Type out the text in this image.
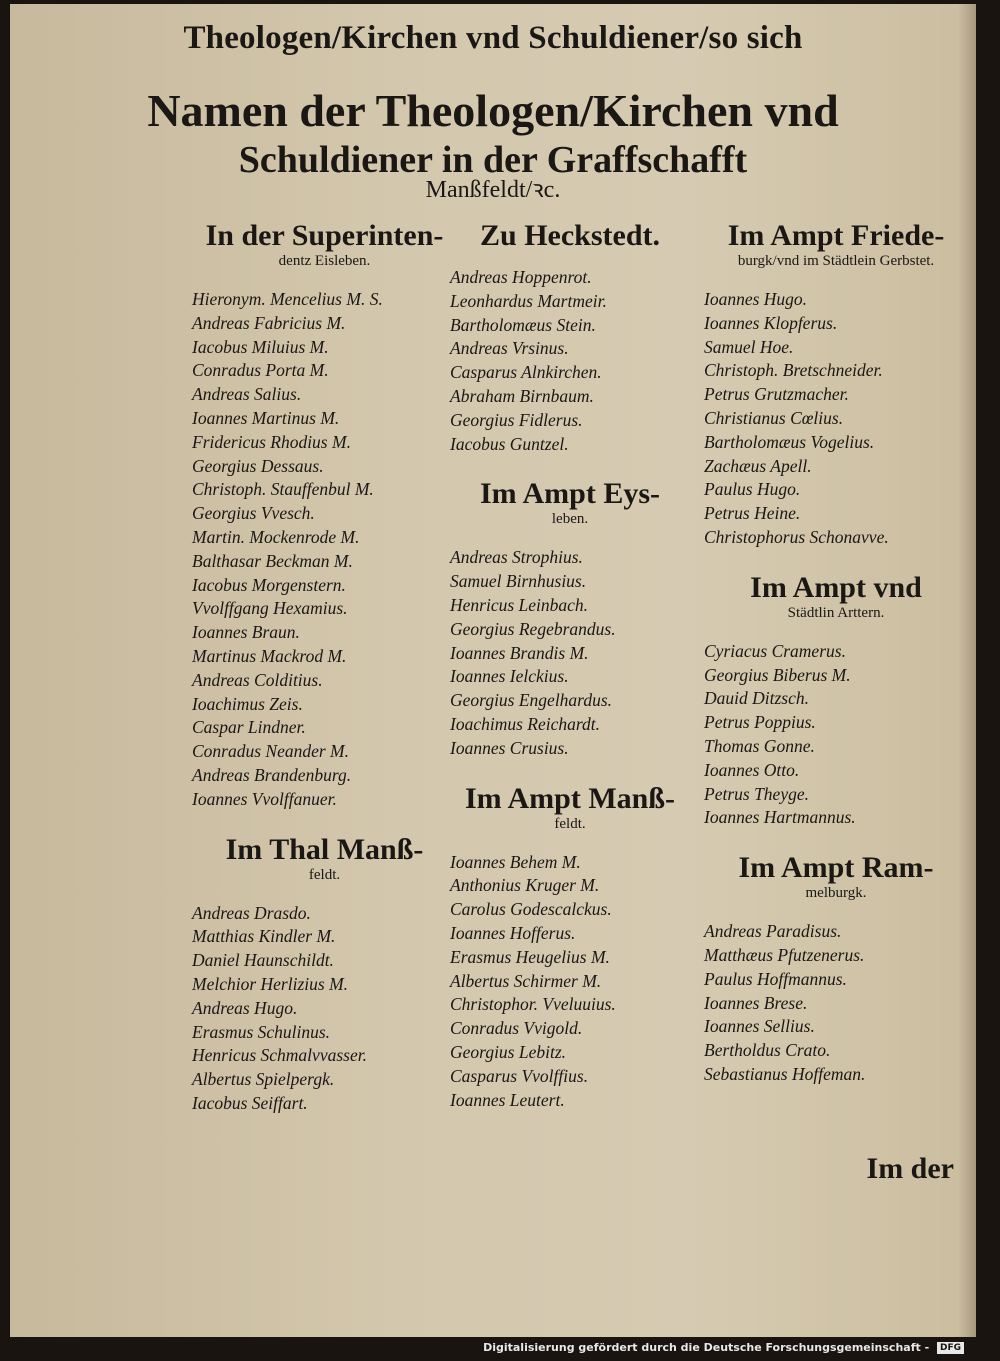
Theologen/Kirchen vnd Schuldiener/so sich
Namen der Theologen/Kirchen vnd
Schuldiener in der Graffschafft
Manßfeldt/ꝛc.
In der Superinten-
dentz Eisleben.
Hieronym. Mencelius M. S.
Andreas Fabricius M.
Iacobus Miluius M.
Conradus Porta M.
Andreas Salius.
Ioannes Martinus M.
Fridericus Rhodius M.
Georgius Dessaus.
Christoph. Stauffenbul M.
Georgius Vvesch.
Martin. Mockenrode M.
Balthasar Beckman M.
Iacobus Morgenstern.
Vvolffgang Hexamius.
Ioannes Braun.
Martinus Mackrod M.
Andreas Colditius.
Ioachimus Zeis.
Caspar Lindner.
Conradus Neander M.
Andreas Brandenburg.
Ioannes Vvolffanuer.
Im Thal Manß-
feldt.
Andreas Drasdo.
Matthias Kindler M.
Daniel Haunschildt.
Melchior Herlizius M.
Andreas Hugo.
Erasmus Schulinus.
Henricus Schmalvvasser.
Albertus Spielpergk.
Iacobus Seiffart.
Zu Heckstedt.
Andreas Hoppenrot.
Leonhardus Martmeir.
Bartholomæus Stein.
Andreas Vrsinus.
Casparus Alnkirchen.
Abraham Birnbaum.
Georgius Fidlerus.
Iacobus Guntzel.
Im Ampt Eys-
leben.
Andreas Strophius.
Samuel Birnhusius.
Henricus Leinbach.
Georgius Regebrandus.
Ioannes Brandis M.
Ioannes Ielckius.
Georgius Engelhardus.
Ioachimus Reichardt.
Ioannes Crusius.
Im Ampt Manß-
feldt.
Ioannes Behem M.
Anthonius Kruger M.
Carolus Godescalckus.
Ioannes Hofferus.
Erasmus Heugelius M.
Albertus Schirmer M.
Christophor. Vveluuius.
Conradus Vvigold.
Georgius Lebitz.
Casparus Vvolffius.
Ioannes Leutert.
Im Ampt Friede-
burgk/vnd im Städtlein Gerbstet.
Ioannes Hugo.
Ioannes Klopferus.
Samuel Hoe.
Christoph. Bretschneider.
Petrus Grutzmacher.
Christianus Cœlius.
Bartholomæus Vogelius.
Zachæus Apell.
Paulus Hugo.
Petrus Heine.
Christophorus Schonavve.
Im Ampt vnd
Städtlin Arttern.
Cyriacus Cramerus.
Georgius Biberus M.
Dauid Ditzsch.
Petrus Poppius.
Thomas Gonne.
Ioannes Otto.
Petrus Theyge.
Ioannes Hartmannus.
Im Ampt Ram-
melburgk.
Andreas Paradisus.
Matthæus Pfutzenerus.
Paulus Hoffmannus.
Ioannes Brese.
Ioannes Sellius.
Bertholdus Crato.
Sebastianus Hoffeman.
Im der
Digitalisierung gefördert durch die Deutsche Forschungsgemeinschaft - DFG
